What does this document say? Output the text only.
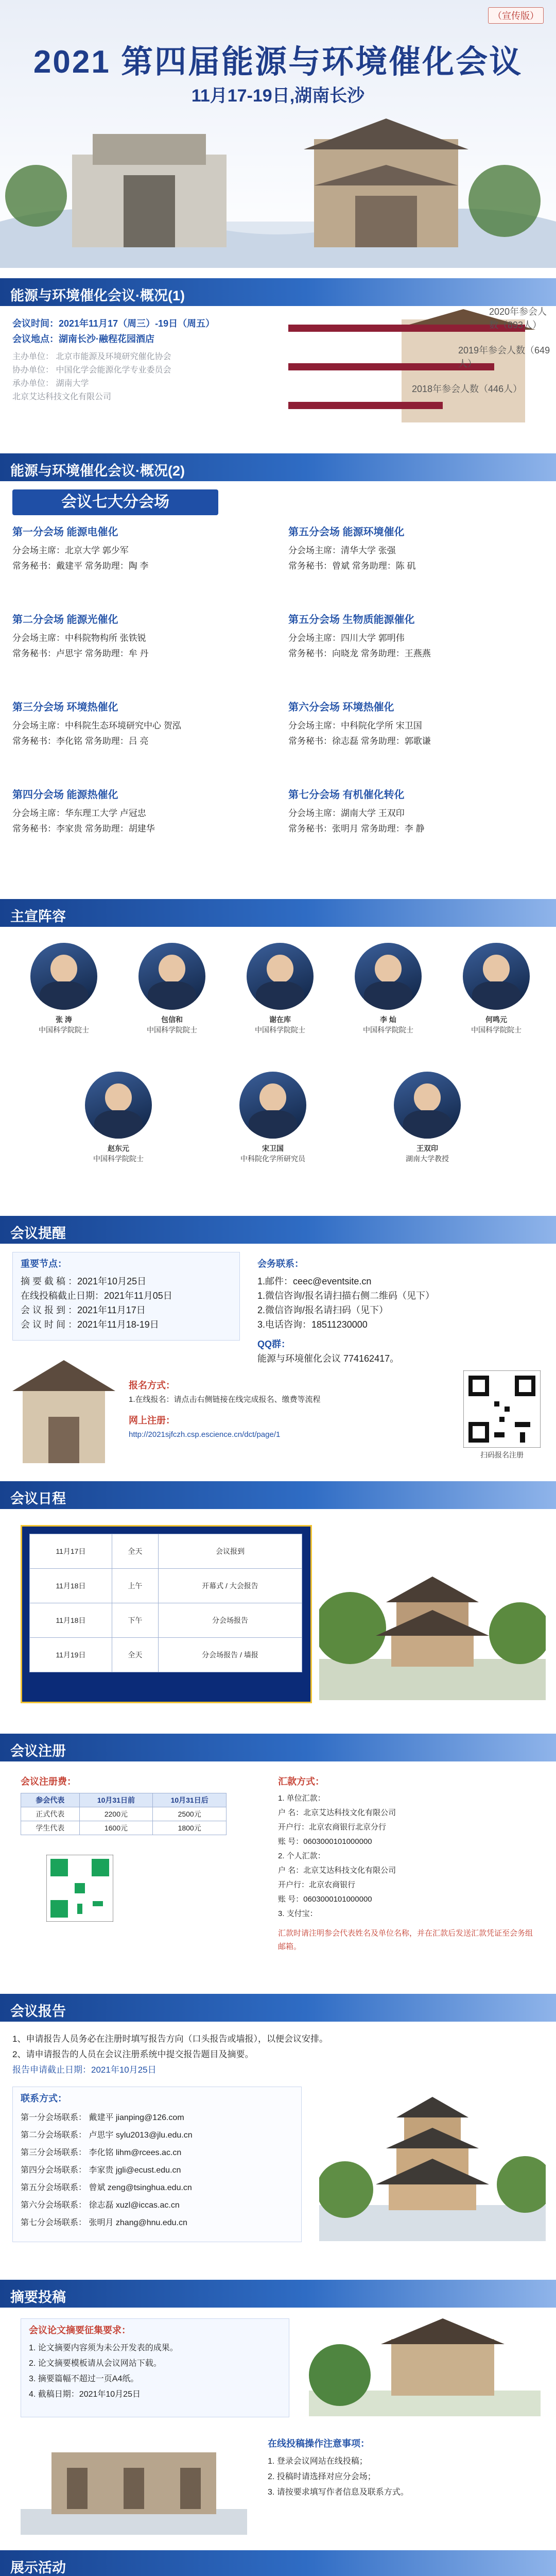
（宣传版）
2021 第四届能源与环境催化会议
11月17-19日,湖南长沙
能源与环境催化会议·概况(1)
会议时间：2021年11月17（周三）-19日（周五）
会议地点：湖南长沙·融程花园酒店
主办单位： 北京市能源及环境研究催化协会
协办单位： 中国化学会能源化学专业委员会
承办单位： 湖南大学
北京艾达科技文化有限公司
2020年参会人数（893人）
2019年参会人数（649人）
2018年参会人数（446人）
能源与环境催化会议·概况(2)
会议七大分会场
第一分会场 能源电催化
分会场主席：北京大学 郭少军
常务秘书：戴建平 常务助理：陶 李
第二分会场 能源光催化
分会场主席：中科院物构所 张铁锐
常务秘书：卢思宇 常务助理：牟 丹
第三分会场 环境热催化
分会场主席：中科院生态环境研究中心 贺泓
常务秘书：李化铭 常务助理：吕 亮
第四分会场 能源热催化
分会场主席：华东理工大学 卢冠忠
常务秘书：李家贵 常务助理：胡建华
第五分会场 能源环境催化
分会场主席：清华大学 张强
常务秘书：曾斌 常务助理：陈 矶
第五分会场 生物质能源催化
分会场主席：四川大学 郭明伟
常务秘书：向晓龙 常务助理：王燕燕
第六分会场 环境热催化
分会场主席：中科院化学所 宋卫国
常务秘书：徐志磊 常务助理：郭歌谦
第七分会场 有机催化转化
分会场主席：湖南大学 王双印
常务秘书：张明月 常务助理：李 静
主宣阵容
张 涛
中国科学院院士
包信和
中国科学院院士
谢在库
中国科学院院士
李 灿
中国科学院院士
何鸣元
中国科学院院士
赵东元
中国科学院院士
宋卫国
中科院化学所研究员
王双印
湖南大学教授
会议提醒
重要节点：
摘 要 截 稿 ：2021年10月25日
在线投稿截止日期：2021年11月05日
会 议 报 到 ：2021年11月17日
会 议 时 间 ：2021年11月18-19日
会务联系：
1.邮件：ceec@eventsite.cn
1.微信咨询/报名请扫描右侧二维码（见下）
2.微信咨询/报名请扫码（见下）
3.电话咨询：18511230000
QQ群：
能源与环境催化会议 774162417。
报名方式：
1.在线报名：请点击右侧链接在线完成报名、缴费等流程
网上注册：
http://2021sjfczh.csp.escience.cn/dct/page/1
扫码报名注册
会议日程
11月17日	全天	会议报到
11月18日	上午	开幕式 / 大会报告
11月18日	下午	分会场报告
11月19日	全天	分会场报告 / 墙报
会议注册
会议注册费：
参会代表	10月31日前	10月31日后
正式代表	2200元	2500元
学生代表	1600元	1800元
汇款方式：
1. 单位汇款：
户 名：北京艾达科技文化有限公司
开户行：北京农商银行北京分行
账 号：0603000101000000
2. 个人汇款：
户 名：北京艾达科技文化有限公司
开户行：北京农商银行
账 号：0603000101000000
3. 支付宝：
汇款时请注明参会代表姓名及单位名称，并在汇款后发送汇款凭证至会务组邮箱。
会议报告
1、申请报告人员务必在注册时填写报告方向（口头报告或墙报），以便会议安排。
2、请申请报告的人员在会议注册系统中提交报告题目及摘要。
报告申请截止日期：2021年10月25日
联系方式：
第一分会场联系： 戴建平 jianping@126.com
第二分会场联系： 卢思宇 sylu2013@jlu.edu.cn
第三分会场联系： 李化铭 lihm@rcees.ac.cn
第四分会场联系： 李家贵 jgli@ecust.edu.cn
第五分会场联系： 曾斌 zeng@tsinghua.edu.cn
第六分会场联系： 徐志磊 xuzl@iccas.ac.cn
第七分会场联系： 张明月 zhang@hnu.edu.cn
摘要投稿
会议论文摘要征集要求：
1. 论文摘要内容须为未公开发表的成果。
2. 论文摘要模板请从会议网站下载。
3. 摘要篇幅不超过一页A4纸。
4. 截稿日期：2021年10月25日
在线投稿操作注意事项：
1. 登录会议网站在线投稿；
2. 投稿时请选择对应分会场；
3. 请按要求填写作者信息及联系方式。
展示活动
